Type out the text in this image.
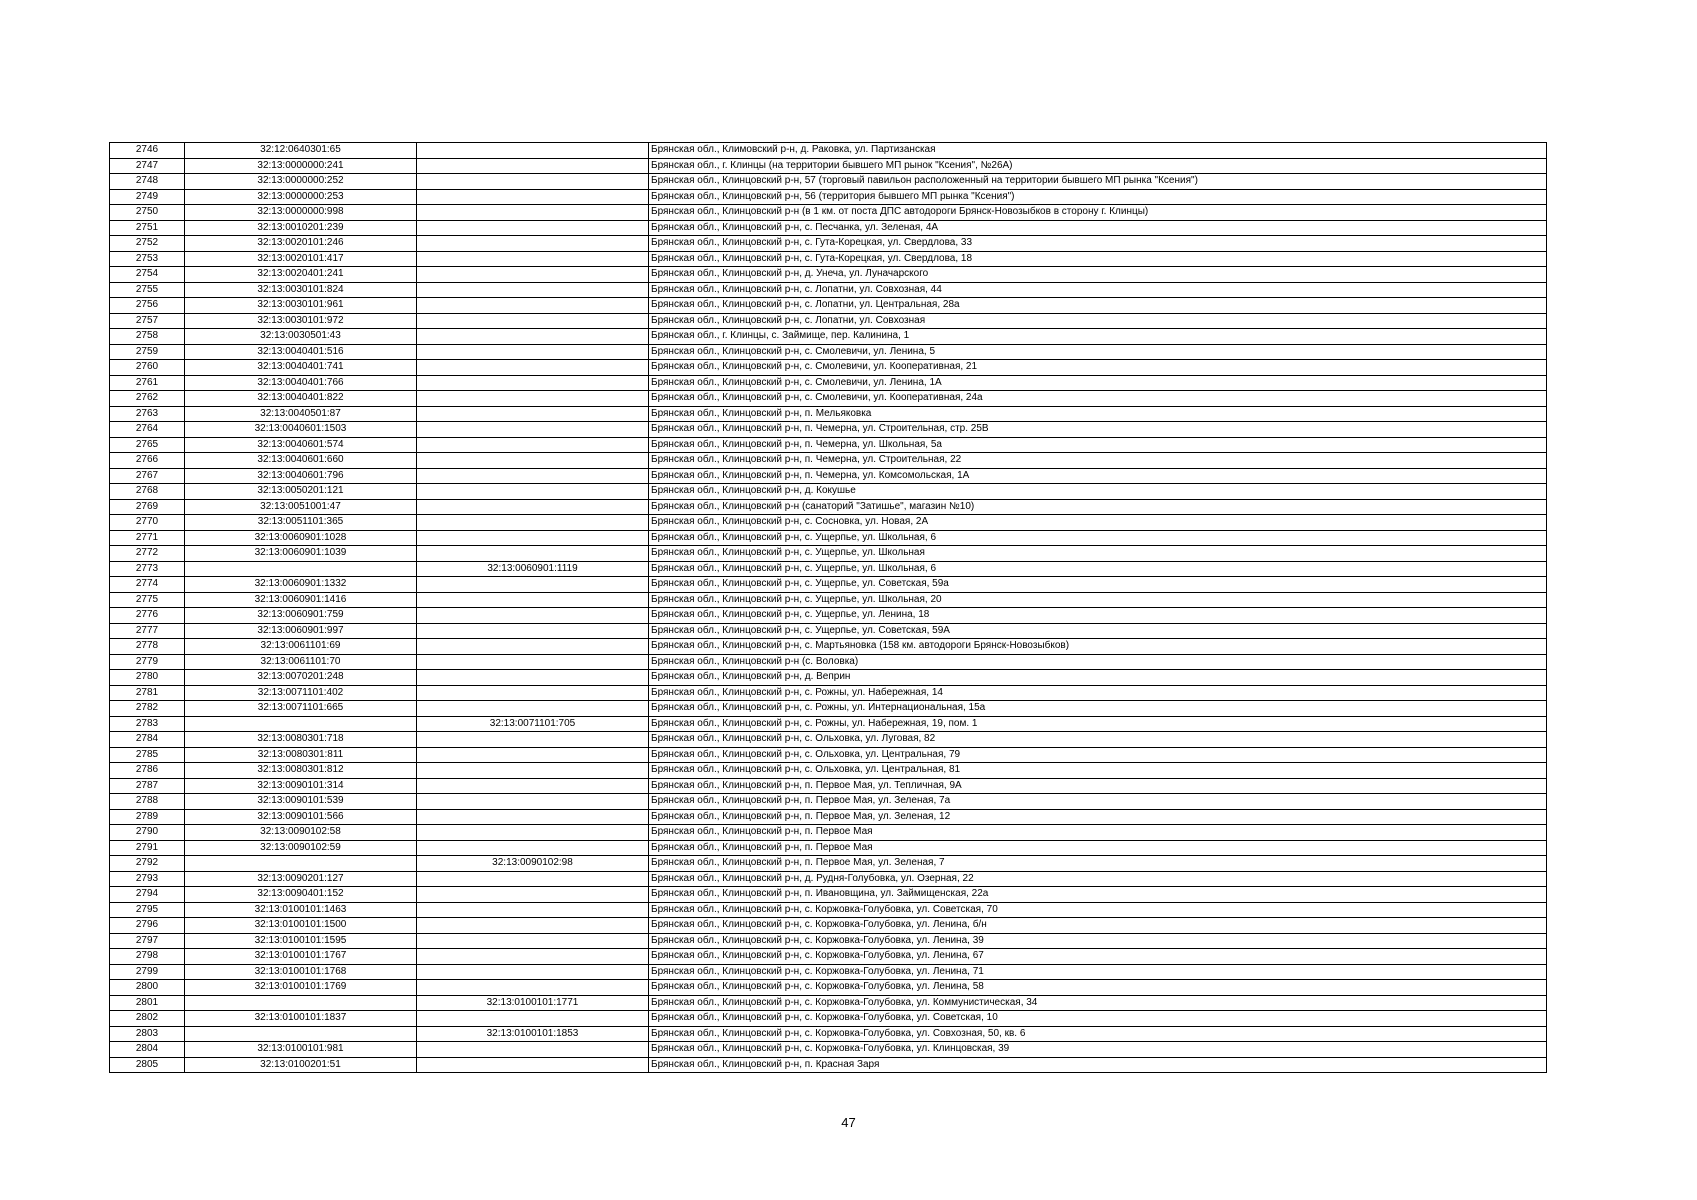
2746	32:12:0640301:65		Брянская обл., Климовский р-н, д. Раковка, ул. Партизанская
2747	32:13:0000000:241		Брянская обл., г. Клинцы (на территории бывшего МП рынок "Ксения", №26А)
2748	32:13:0000000:252		Брянская обл., Клинцовский р-н, 57 (торговый павильон расположенный на территории бывшего МП рынка "Ксения")
2749	32:13:0000000:253		Брянская обл., Клинцовский р-н, 56 (территория бывшего МП рынка "Ксения")
2750	32:13:0000000:998		Брянская обл., Клинцовский р-н (в 1 км. от поста ДПС автодороги Брянск-Новозыбков в сторону г. Клинцы)
2751	32:13:0010201:239		Брянская обл., Клинцовский р-н, с. Песчанка, ул. Зеленая, 4А
2752	32:13:0020101:246		Брянская обл., Клинцовский р-н, с. Гута-Корецкая, ул. Свердлова, 33
2753	32:13:0020101:417		Брянская обл., Клинцовский р-н, с. Гута-Корецкая, ул. Свердлова, 18
2754	32:13:0020401:241		Брянская обл., Клинцовский р-н, д. Унеча, ул. Луначарского
2755	32:13:0030101:824		Брянская обл., Клинцовский р-н, с. Лопатни, ул. Совхозная, 44
2756	32:13:0030101:961		Брянская обл., Клинцовский р-н, с. Лопатни, ул. Центральная, 28а
2757	32:13:0030101:972		Брянская обл., Клинцовский р-н, с. Лопатни, ул. Совхозная
2758	32:13:0030501:43		Брянская обл., г. Клинцы, с. Займище, пер. Калинина, 1
2759	32:13:0040401:516		Брянская обл., Клинцовский р-н, с. Смолевичи, ул. Ленина, 5
2760	32:13:0040401:741		Брянская обл., Клинцовский р-н, с. Смолевичи, ул. Кооперативная, 21
2761	32:13:0040401:766		Брянская обл., Клинцовский р-н, с. Смолевичи, ул. Ленина, 1А
2762	32:13:0040401:822		Брянская обл., Клинцовский р-н, с. Смолевичи, ул. Кооперативная, 24а
2763	32:13:0040501:87		Брянская обл., Клинцовский р-н, п. Мельяковка
2764	32:13:0040601:1503		Брянская обл., Клинцовский р-н, п. Чемерна, ул. Строительная, стр. 25В
2765	32:13:0040601:574		Брянская обл., Клинцовский р-н, п. Чемерна, ул. Школьная, 5а
2766	32:13:0040601:660		Брянская обл., Клинцовский р-н, п. Чемерна, ул. Строительная, 22
2767	32:13:0040601:796		Брянская обл., Клинцовский р-н, п. Чемерна, ул. Комсомольская, 1А
2768	32:13:0050201:121		Брянская обл., Клинцовский р-н, д. Кокушье
2769	32:13:0051001:47		Брянская обл., Клинцовский р-н (санаторий "Затишье", магазин №10)
2770	32:13:0051101:365		Брянская обл., Клинцовский р-н, с. Сосновка, ул. Новая, 2А
2771	32:13:0060901:1028		Брянская обл., Клинцовский р-н, с. Ущерпье, ул. Школьная, 6
2772	32:13:0060901:1039		Брянская обл., Клинцовский р-н, с. Ущерпье, ул. Школьная
2773		32:13:0060901:1119	Брянская обл., Клинцовский р-н, с. Ущерпье, ул. Школьная, 6
2774	32:13:0060901:1332		Брянская обл., Клинцовский р-н, с. Ущерпье, ул. Советская, 59а
2775	32:13:0060901:1416		Брянская обл., Клинцовский р-н, с. Ущерпье, ул. Школьная, 20
2776	32:13:0060901:759		Брянская обл., Клинцовский р-н, с. Ущерпье, ул. Ленина, 18
2777	32:13:0060901:997		Брянская обл., Клинцовский р-н, с. Ущерпье, ул. Советская, 59А
2778	32:13:0061101:69		Брянская обл., Клинцовский р-н, с. Мартьяновка (158 км. автодороги Брянск-Новозыбков)
2779	32:13:0061101:70		Брянская обл., Клинцовский р-н (с. Воловка)
2780	32:13:0070201:248		Брянская обл., Клинцовский р-н, д. Веприн
2781	32:13:0071101:402		Брянская обл., Клинцовский р-н, с. Рожны, ул. Набережная, 14
2782	32:13:0071101:665		Брянская обл., Клинцовский р-н, с. Рожны, ул. Интернациональная, 15а
2783		32:13:0071101:705	Брянская обл., Клинцовский р-н, с. Рожны, ул. Набережная, 19, пом. 1
2784	32:13:0080301:718		Брянская обл., Клинцовский р-н, с. Ольховка, ул. Луговая, 82
2785	32:13:0080301:811		Брянская обл., Клинцовский р-н, с. Ольховка, ул. Центральная, 79
2786	32:13:0080301:812		Брянская обл., Клинцовский р-н, с. Ольховка, ул. Центральная, 81
2787	32:13:0090101:314		Брянская обл., Клинцовский р-н, п. Первое Мая, ул. Тепличная, 9А
2788	32:13:0090101:539		Брянская обл., Клинцовский р-н, п. Первое Мая, ул. Зеленая, 7а
2789	32:13:0090101:566		Брянская обл., Клинцовский р-н, п. Первое Мая, ул. Зеленая, 12
2790	32:13:0090102:58		Брянская обл., Клинцовский р-н, п. Первое Мая
2791	32:13:0090102:59		Брянская обл., Клинцовский р-н, п. Первое Мая
2792		32:13:0090102:98	Брянская обл., Клинцовский р-н, п. Первое Мая, ул. Зеленая, 7
2793	32:13:0090201:127		Брянская обл., Клинцовский р-н, д. Рудня-Голубовка, ул. Озерная, 22
2794	32:13:0090401:152		Брянская обл., Клинцовский р-н, п. Ивановщина, ул. Займищенская, 22а
2795	32:13:0100101:1463		Брянская обл., Клинцовский р-н, с. Коржовка-Голубовка, ул. Советская, 70
2796	32:13:0100101:1500		Брянская обл., Клинцовский р-н, с. Коржовка-Голубовка, ул. Ленина, б/н
2797	32:13:0100101:1595		Брянская обл., Клинцовский р-н, с. Коржовка-Голубовка, ул. Ленина, 39
2798	32:13:0100101:1767		Брянская обл., Клинцовский р-н, с. Коржовка-Голубовка, ул. Ленина, 67
2799	32:13:0100101:1768		Брянская обл., Клинцовский р-н, с. Коржовка-Голубовка, ул. Ленина, 71
2800	32:13:0100101:1769		Брянская обл., Клинцовский р-н, с. Коржовка-Голубовка, ул. Ленина, 58
2801		32:13:0100101:1771	Брянская обл., Клинцовский р-н, с. Коржовка-Голубовка, ул. Коммунистическая, 34
2802	32:13:0100101:1837		Брянская обл., Клинцовский р-н, с. Коржовка-Голубовка, ул. Советская, 10
2803		32:13:0100101:1853	Брянская обл., Клинцовский р-н, с. Коржовка-Голубовка, ул. Совхозная, 50, кв. 6
2804	32:13:0100101:981		Брянская обл., Клинцовский р-н, с. Коржовка-Голубовка, ул. Клинцовская, 39
2805	32:13:0100201:51		Брянская обл., Клинцовский р-н, п. Красная Заря
47
